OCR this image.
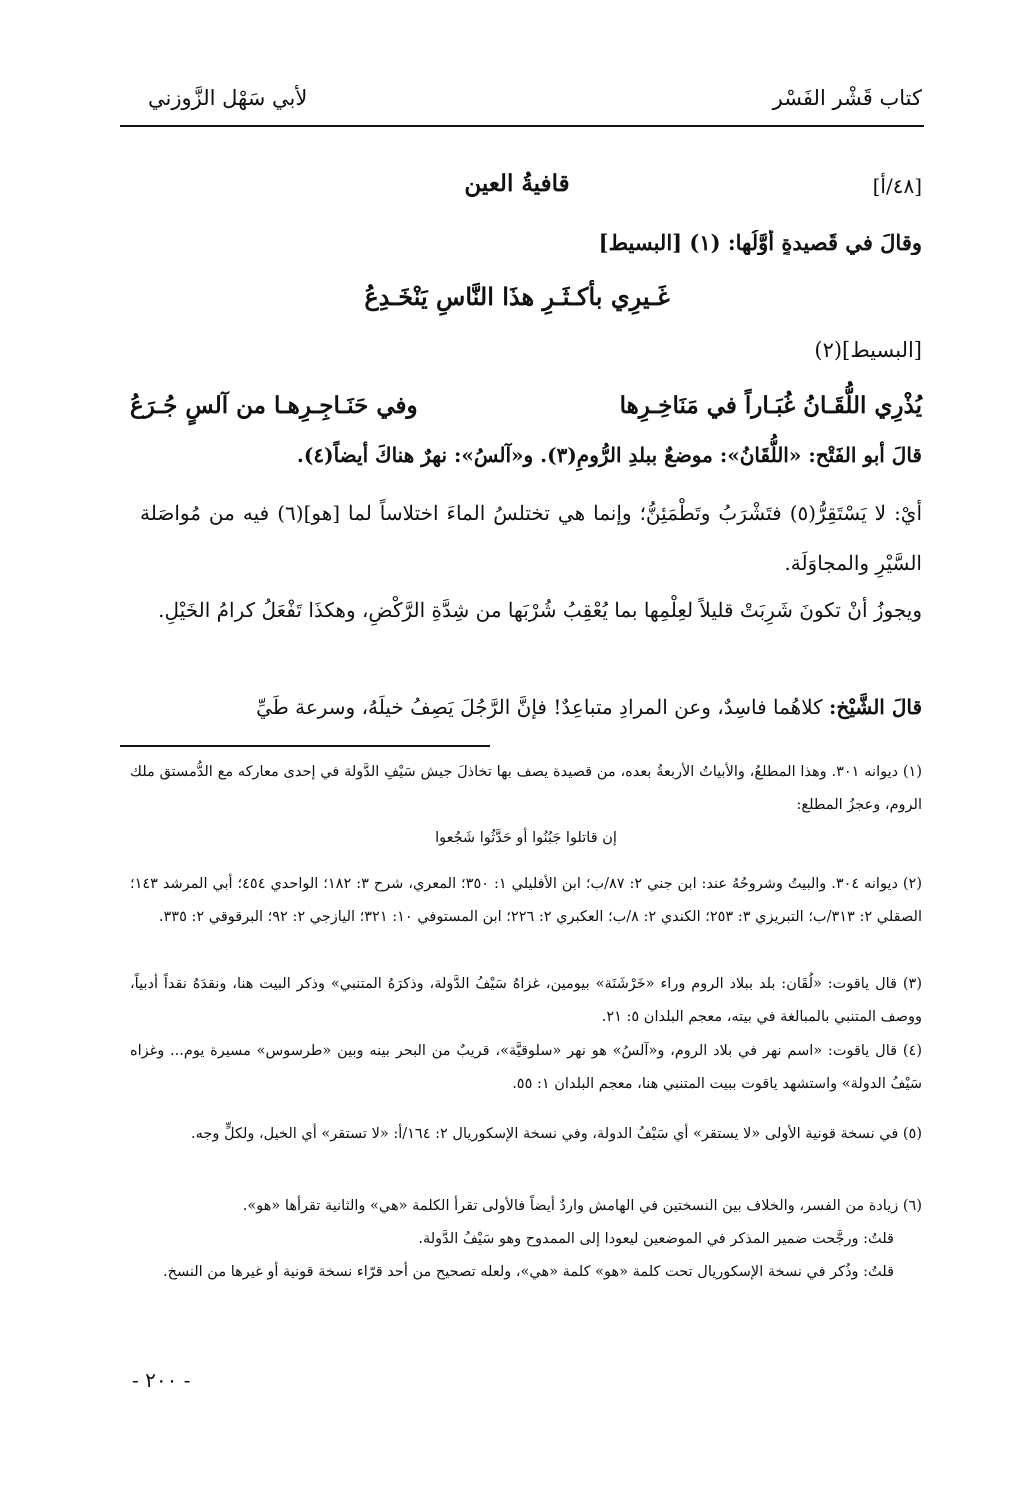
كتاب قَشْر الفَسْر
لأبي سَهْل الزَّوزني
[٤٨/أ]
قافيةُ العين
وقالَ في قَصيدةٍ أوَّلُها: (١) [البسيط]
غَـيرِي بأكـثَـرِ هذَا النَّاسِ يَنْخَـدِعُ
[البسيط](٢)
يُذْرِي اللُّقَـانُ غُبَـاراً في مَنَاخِـرِها
وفي حَنَـاجِـرِهـا من آلسٍ جُـرَعُ
قالَ أبو الفَتْح: «اللُّقَانُ»: موضعٌ ببلدِ الرُّومِ(٣). و«آلسُ»: نهرٌ هناكَ أيضاً(٤).
أيْ: لا يَسْتَقِرُّ(٥) فتَشْرَبُ وتَطْمَئِنُّ؛ وإنما هي تختلسُ الماءَ اختلاساً لما [هو](٦) فيه من مُواصَلة السَّيْرِ والمجاوَلَة.
ويجوزُ أنْ تكونَ شَرِبَتْ قليلاً لعِلْمِها بما يُعْقِبُ شُرْبَها من شِدَّةِ الرَّكْضِ، وهكذَا تَفْعَلُ كرامُ الخَيْلِ.
قالَ الشَّيْخ: كلاهُما فاسِدٌ، وعن المرادِ متباعِدٌ! فإنَّ الرَّجُلَ يَصِفُ خيلَهُ، وسرعة طَيِّ
(١) ديوانه ٣٠١. وهذا المطلعُ، والأبياتُ الأربعةُ بعده، من قصيدة يصف بها تخاذلَ جيش سَيْفِ الدَّولة في إحدى معاركه مع الدُّمستق ملك الروم، وعجزُ المطلع:
إن قاتلوا جَبُنُوا أو حَدَّثُوا شَجُعوا
(٢) ديوانه ٣٠٤. والبيتُ وشروحُهُ عند: ابن جني ٢: ٨٧/ب؛ ابن الأفليلي ١: ٣٥٠؛ المعري، شرح ٣: ١٨٢؛ الواحدي ٤٥٤؛ أبي المرشد ١٤٣؛ الصقلي ٢: ٣١٣/ب؛ التبريزي ٣: ٢٥٣؛ الكندي ٢: ٨/ب؛ العكبري ٢: ٢٢٦؛ ابن المستوفي ١٠: ٣٢١؛ اليازجي ٢: ٩٢؛ البرقوقي ٢: ٣٣٥.
(٣) قال ياقوت: «لُقَان: بلد ببلاد الروم وراء «خَرْشَنَة» بيومين، غزاهُ سَيْفُ الدَّولة، وذكرَهُ المتنبي» وذكر البيت هنا، ونقدَهُ نقداً أدبياً، ووصف المتنبي بالمبالغة في بيته، معجم البلدان ٥: ٢١.
(٤) قال ياقوت: «اسم نهر في بلاد الروم، و«آلسُ» هو نهر «سلوقيَّة»، قريبٌ من البحر بينه وبين «طرسوس» مسيرة يوم... وغزاه سَيْفُ الدولة» واستشهد ياقوت ببيت المتنبي هنا، معجم البلدان ١: ٥٥.
(٥) في نسخة قونية الأولى «لا يستقر» أي سَيْفُ الدولة، وفي نسخة الإسكوريال ٢: ١٦٤/أ: «لا تستقر» أي الخيل، ولكلٍّ وجه.
(٦) زيادة من الفسر، والخلاف بين النسختين في الهامش واردٌ أيضاً فالأولى تقرأ الكلمة «هي» والثانية تقرأها «هو».
قلتُ: ورجَّحت ضمير المذكر في الموضعين ليعودا إلى الممدوح وهو سَيْفُ الدَّولة.
قلتُ: وذُكر في نسخة الإسكوريال تحت كلمة «هو» كلمة «هي»، ولعله تصحيح من أحد قرّاء نسخة قونية أو غيرها من النسخ.
- ٢٠٠ -
